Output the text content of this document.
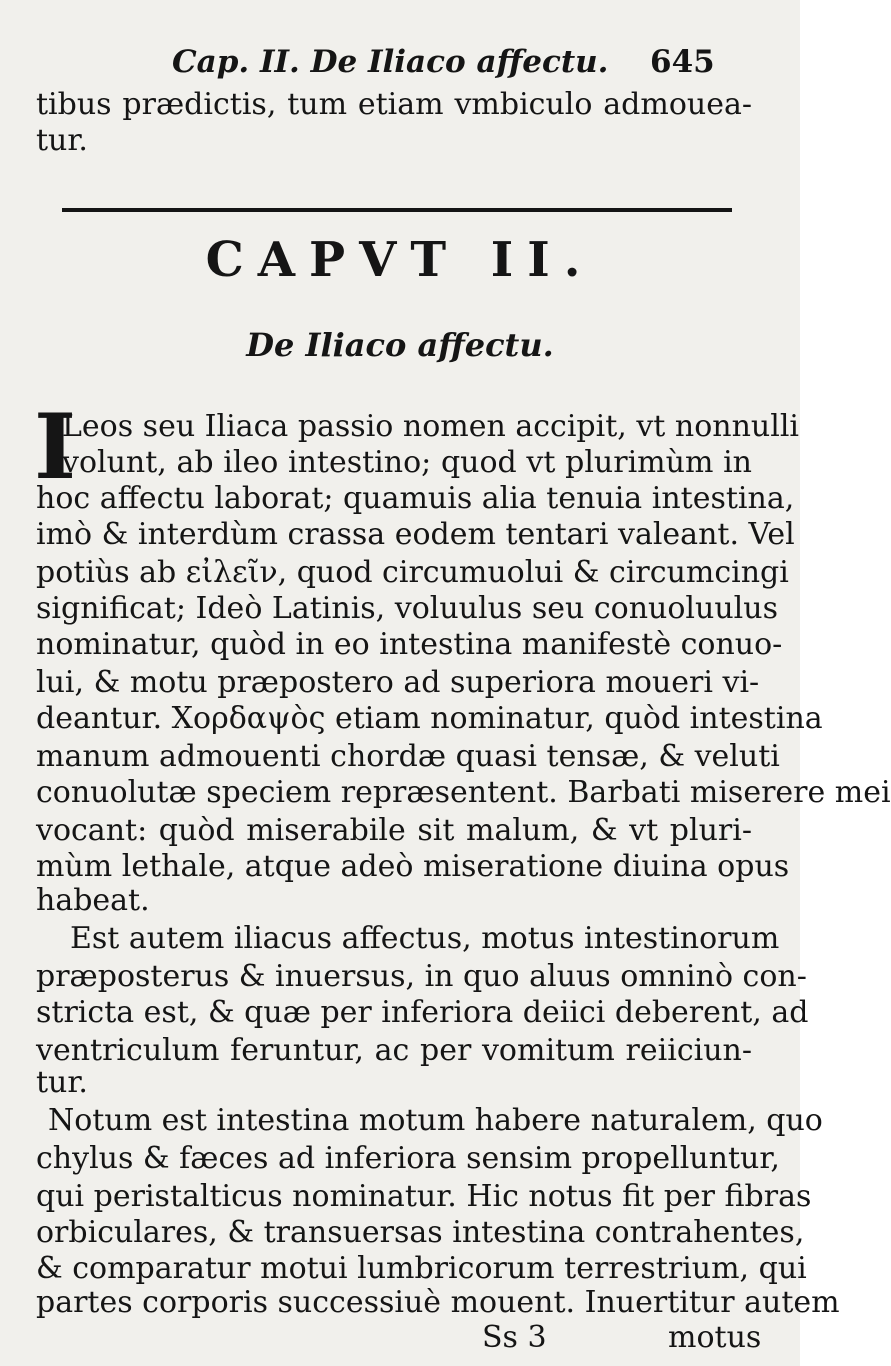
Cap. II. De Iliaco affectu. 645
tibus prædictis, tum etiam vmbiculo admouea-
tur.
CAPVT II.
De Iliaco affectu.
I
Leos seu Iliaca passio nomen accipit, vt nonnulli
volunt, ab ileo intestino; quod vt plurimùm in
hoc affectu laborat; quamuis alia tenuia intestina,
imò & interdùm crassa eodem tentari valeant. Vel
potiùs ab εἰλεῖν, quod circumuolui & circumcingi
significat; Ideò Latinis, voluulus seu conuoluulus
nominatur, quòd in eo intestina manifestè conuo-
lui, & motu præpostero ad superiora moueri vi-
deantur. Χορδαψὸς etiam nominatur, quòd intestina
manum admouenti chordæ quasi tensæ, & veluti
conuolutæ speciem repræsentent. Barbati miserere mei
vocant: quòd miserabile sit malum, & vt pluri-
mùm lethale, atque adeò miseratione diuina opus
habeat.
Est autem iliacus affectus, motus intestinorum
præposterus & inuersus, in quo aluus omninò con-
stricta est, & quæ per inferiora deiici deberent, ad
ventriculum feruntur, ac per vomitum reiiciun-
tur.
Notum est intestina motum habere naturalem, quo
chylus & fæces ad inferiora sensim propelluntur,
qui peristalticus nominatur. Hic notus fit per fibras
orbiculares, & transuersas intestina contrahentes,
& comparatur motui lumbricorum terrestrium, qui
partes corporis successiuè mouent. Inuertitur autem
Ss 3	motus
